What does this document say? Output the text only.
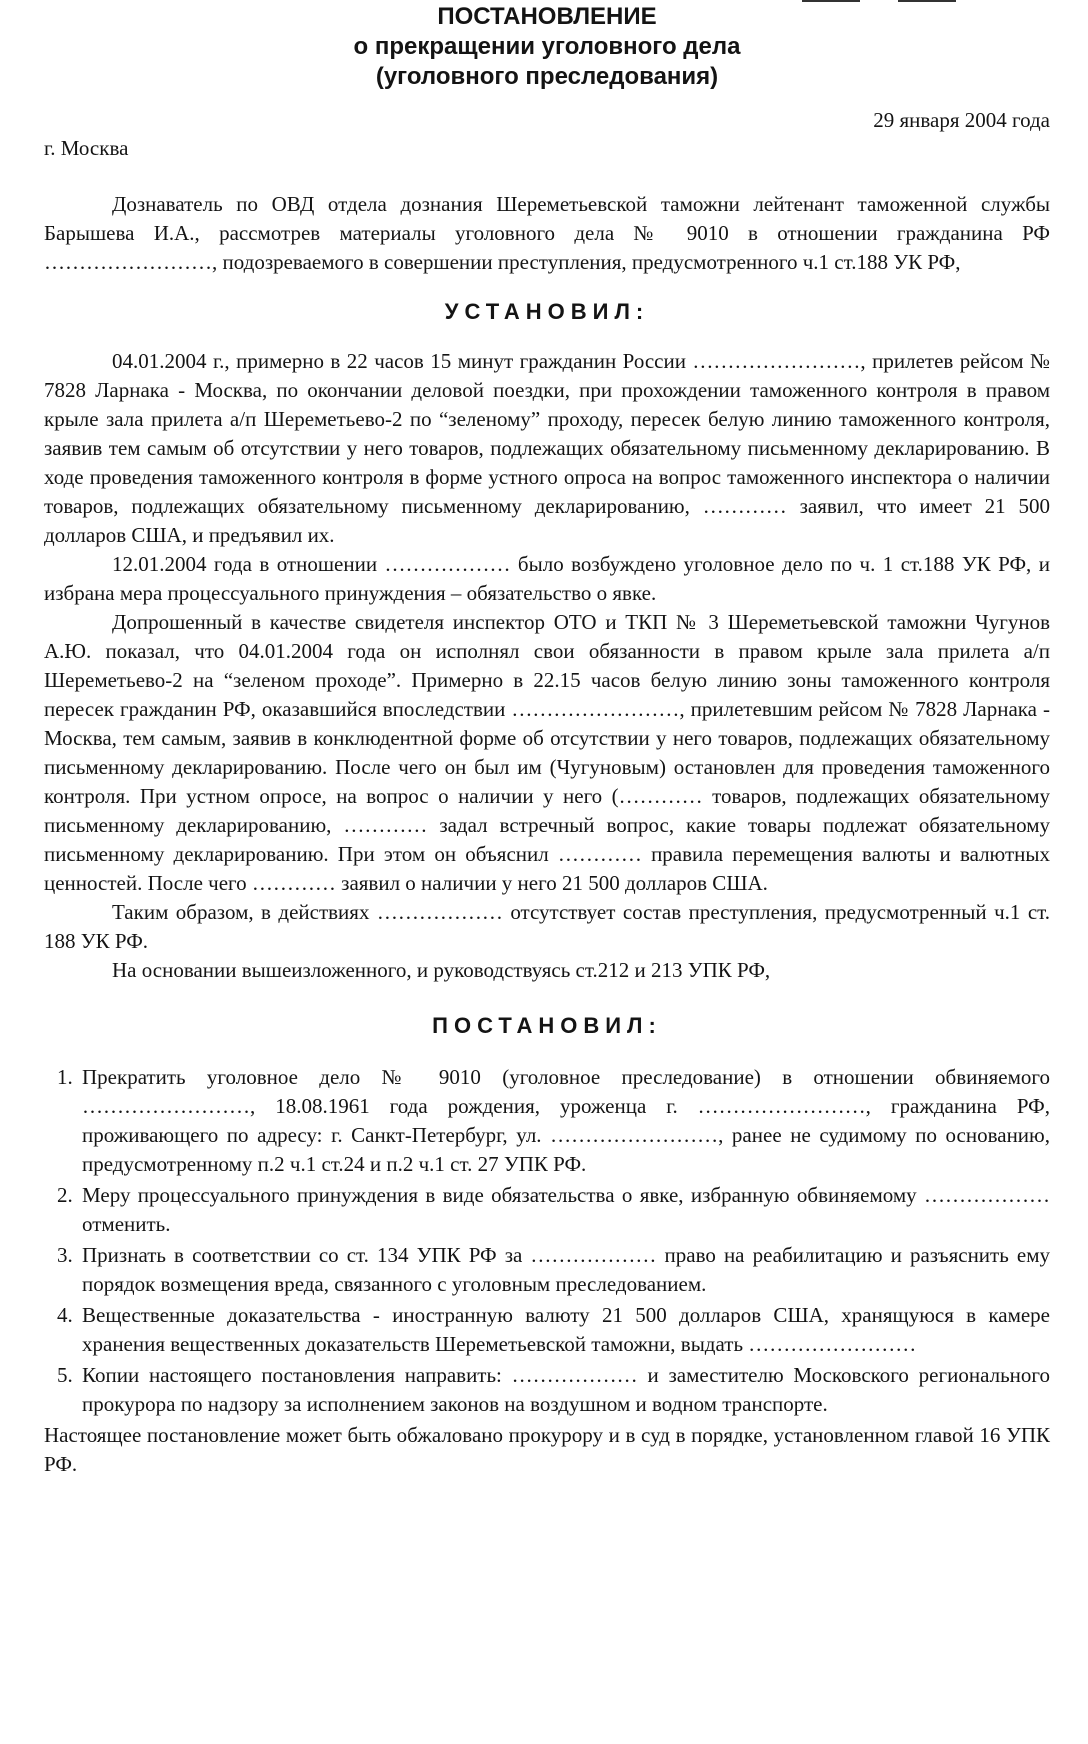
ПОСТАНОВЛЕНИЕ
о прекращении уголовного дела
(уголовного преследования)
г. Москва
29 января 2004 года

Дознаватель по ОВД отдела дознания Шереметьевской таможни лейтенант таможенной службы Барышева И.А., рассмотрев материалы уголовного дела № 9010 в отношении гражданина РФ ……………………, подозреваемого в совершении преступления, предусмотренного ч.1 ст.188 УК РФ,

УСТАНОВИЛ:

04.01.2004 г., примерно в 22 часов 15 минут гражданин России ……………………, прилетев рейсом № 7828 Ларнака - Москва, по окончании деловой поездки, при прохождении таможенного контроля в правом крыле зала прилета а/п Шереметьево-2 по “зеленому” проходу, пересек белую линию таможенного контроля, заявив тем самым об отсутствии у него товаров, подлежащих обязательному письменному декларированию. В ходе проведения таможенного контроля в форме устного опроса на вопрос таможенного инспектора о наличии товаров, подлежащих обязательному письменному декларированию, ………… заявил, что имеет 21 500 долларов США, и предъявил их.

12.01.2004 года в отношении ……………… было возбуждено уголовное дело по ч. 1 ст.188 УК РФ, и избрана мера процессуального принуждения – обязательство о явке.

Допрошенный в качестве свидетеля инспектор ОТО и ТКП № 3 Шереметьевской таможни Чугунов А.Ю. показал, что 04.01.2004 года он исполнял свои обязанности в правом крыле зала прилета а/п Шереметьево-2 на “зеленом проходе”. Примерно в 22.15 часов белую линию зоны таможенного контроля пересек гражданин РФ, оказавшийся впоследствии ……………………, прилетевшим рейсом № 7828 Ларнака - Москва, тем самым, заявив в конклюдентной форме об отсутствии у него товаров, подлежащих обязательному письменному декларированию. После чего он был им (Чугуновым) остановлен для проведения таможенного контроля. При устном опросе, на вопрос о наличии у него (………… товаров, подлежащих обязательному письменному декларированию, ………… задал встречный вопрос, какие товары подлежат обязательному письменному декларированию. При этом он объяснил ………… правила перемещения валюты и валютных ценностей. После чего ………… заявил о наличии у него 21 500 долларов США.

Таким образом, в действиях ……………… отсутствует состав преступления, предусмотренный ч.1 ст. 188 УК РФ.

На основании вышеизложенного, и руководствуясь ст.212 и 213 УПК РФ,

ПОСТАНОВИЛ:
1. Прекратить уголовное дело № 9010 (уголовное преследование) в отношении обвиняемого ……………………, 18.08.1961 года рождения, уроженца г. ……………………, гражданина РФ, проживающего по адресу: г. Санкт-Петербург, ул. ……………………, ранее не судимому по основанию, предусмотренному п.2 ч.1 ст.24 и п.2 ч.1 ст. 27 УПК РФ.
2. Меру процессуального принуждения в виде обязательства о явке, избранную обвиняемому ……………… отменить.
3. Признать в соответствии со ст. 134 УПК РФ за ……………… право на реабилитацию и разъяснить ему порядок возмещения вреда, связанного с уголовным преследованием.
4. Вещественные доказательства - иностранную валюту 21 500 долларов США, хранящуюся в камере хранения вещественных доказательств Шереметьевской таможни, выдать ……………………
5. Копии настоящего постановления направить: ……………… и заместителю Московского регионального прокурора по надзору за исполнением законов на воздушном и водном транспорте.

Настоящее постановление может быть обжаловано прокурору и в суд в порядке, установленном главой 16 УПК РФ.
